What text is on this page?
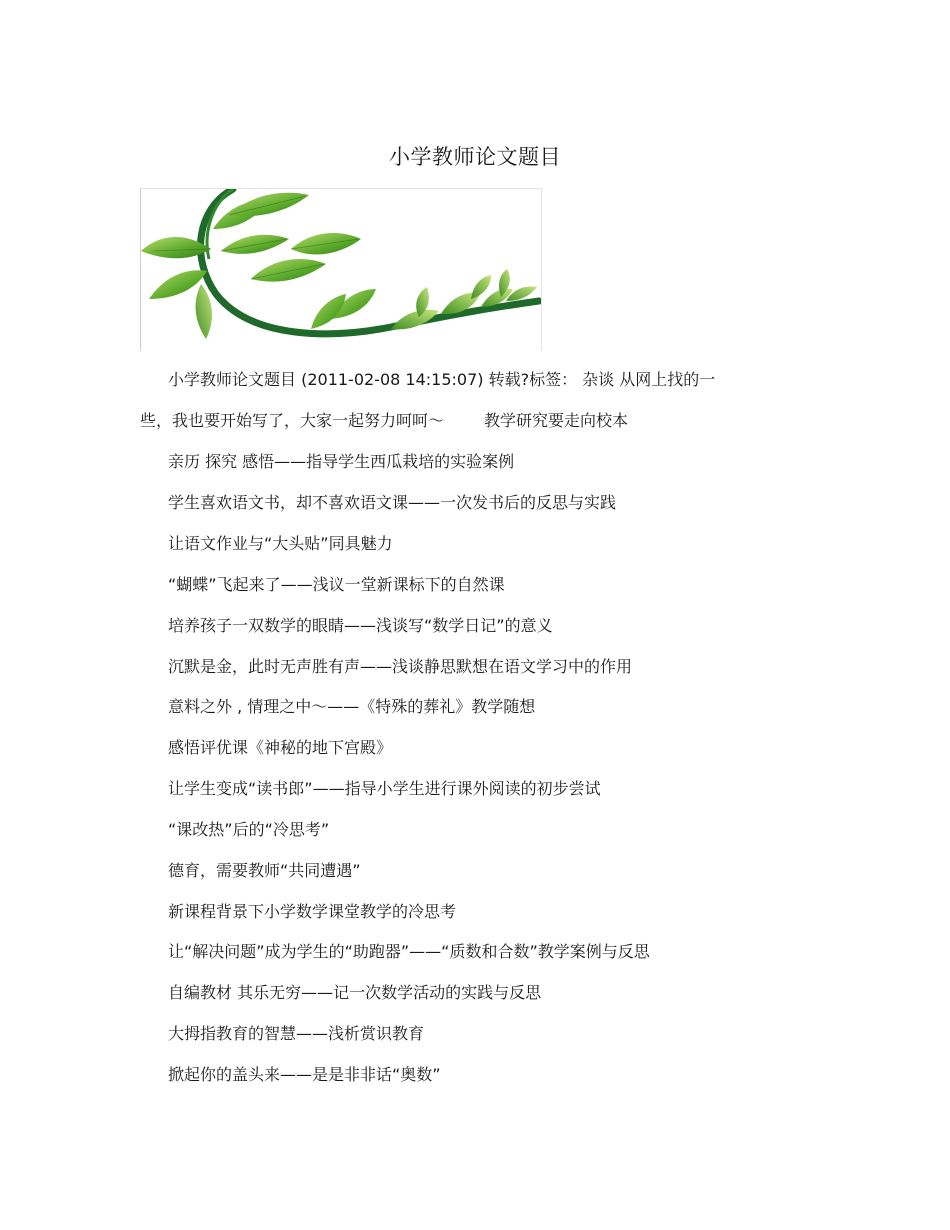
小学教师论文题目
小学教师论文题目 (2011-02-08 14:15:07) 转载?标签： 杂谈 从网上找的一
些，我也要开始写了，大家一起努力呵呵～	教学研究要走向校本
亲历 探究 感悟——指导学生西瓜栽培的实验案例
学生喜欢语文书，却不喜欢语文课——一次发书后的反思与实践
让语文作业与“大头贴”同具魅力
“蝴蝶”飞起来了——浅议一堂新课标下的自然课
培养孩子一双数学的眼睛——浅谈写“数学日记”的意义
沉默是金，此时无声胜有声——浅谈静思默想在语文学习中的作用
意料之外 , 情理之中～——《特殊的葬礼》教学随想
感悟评优课《神秘的地下宫殿》
让学生变成“读书郎”——指导小学生进行课外阅读的初步尝试
“课改热”后的“冷思考”
德育，需要教师“共同遭遇”
新课程背景下小学数学课堂教学的冷思考
让“解决问题”成为学生的“助跑器”——“质数和合数”教学案例与反思
自编教材 其乐无穷——记一次数学活动的实践与反思
大拇指教育的智慧——浅析赏识教育
掀起你的盖头来——是是非非话“奥数”
